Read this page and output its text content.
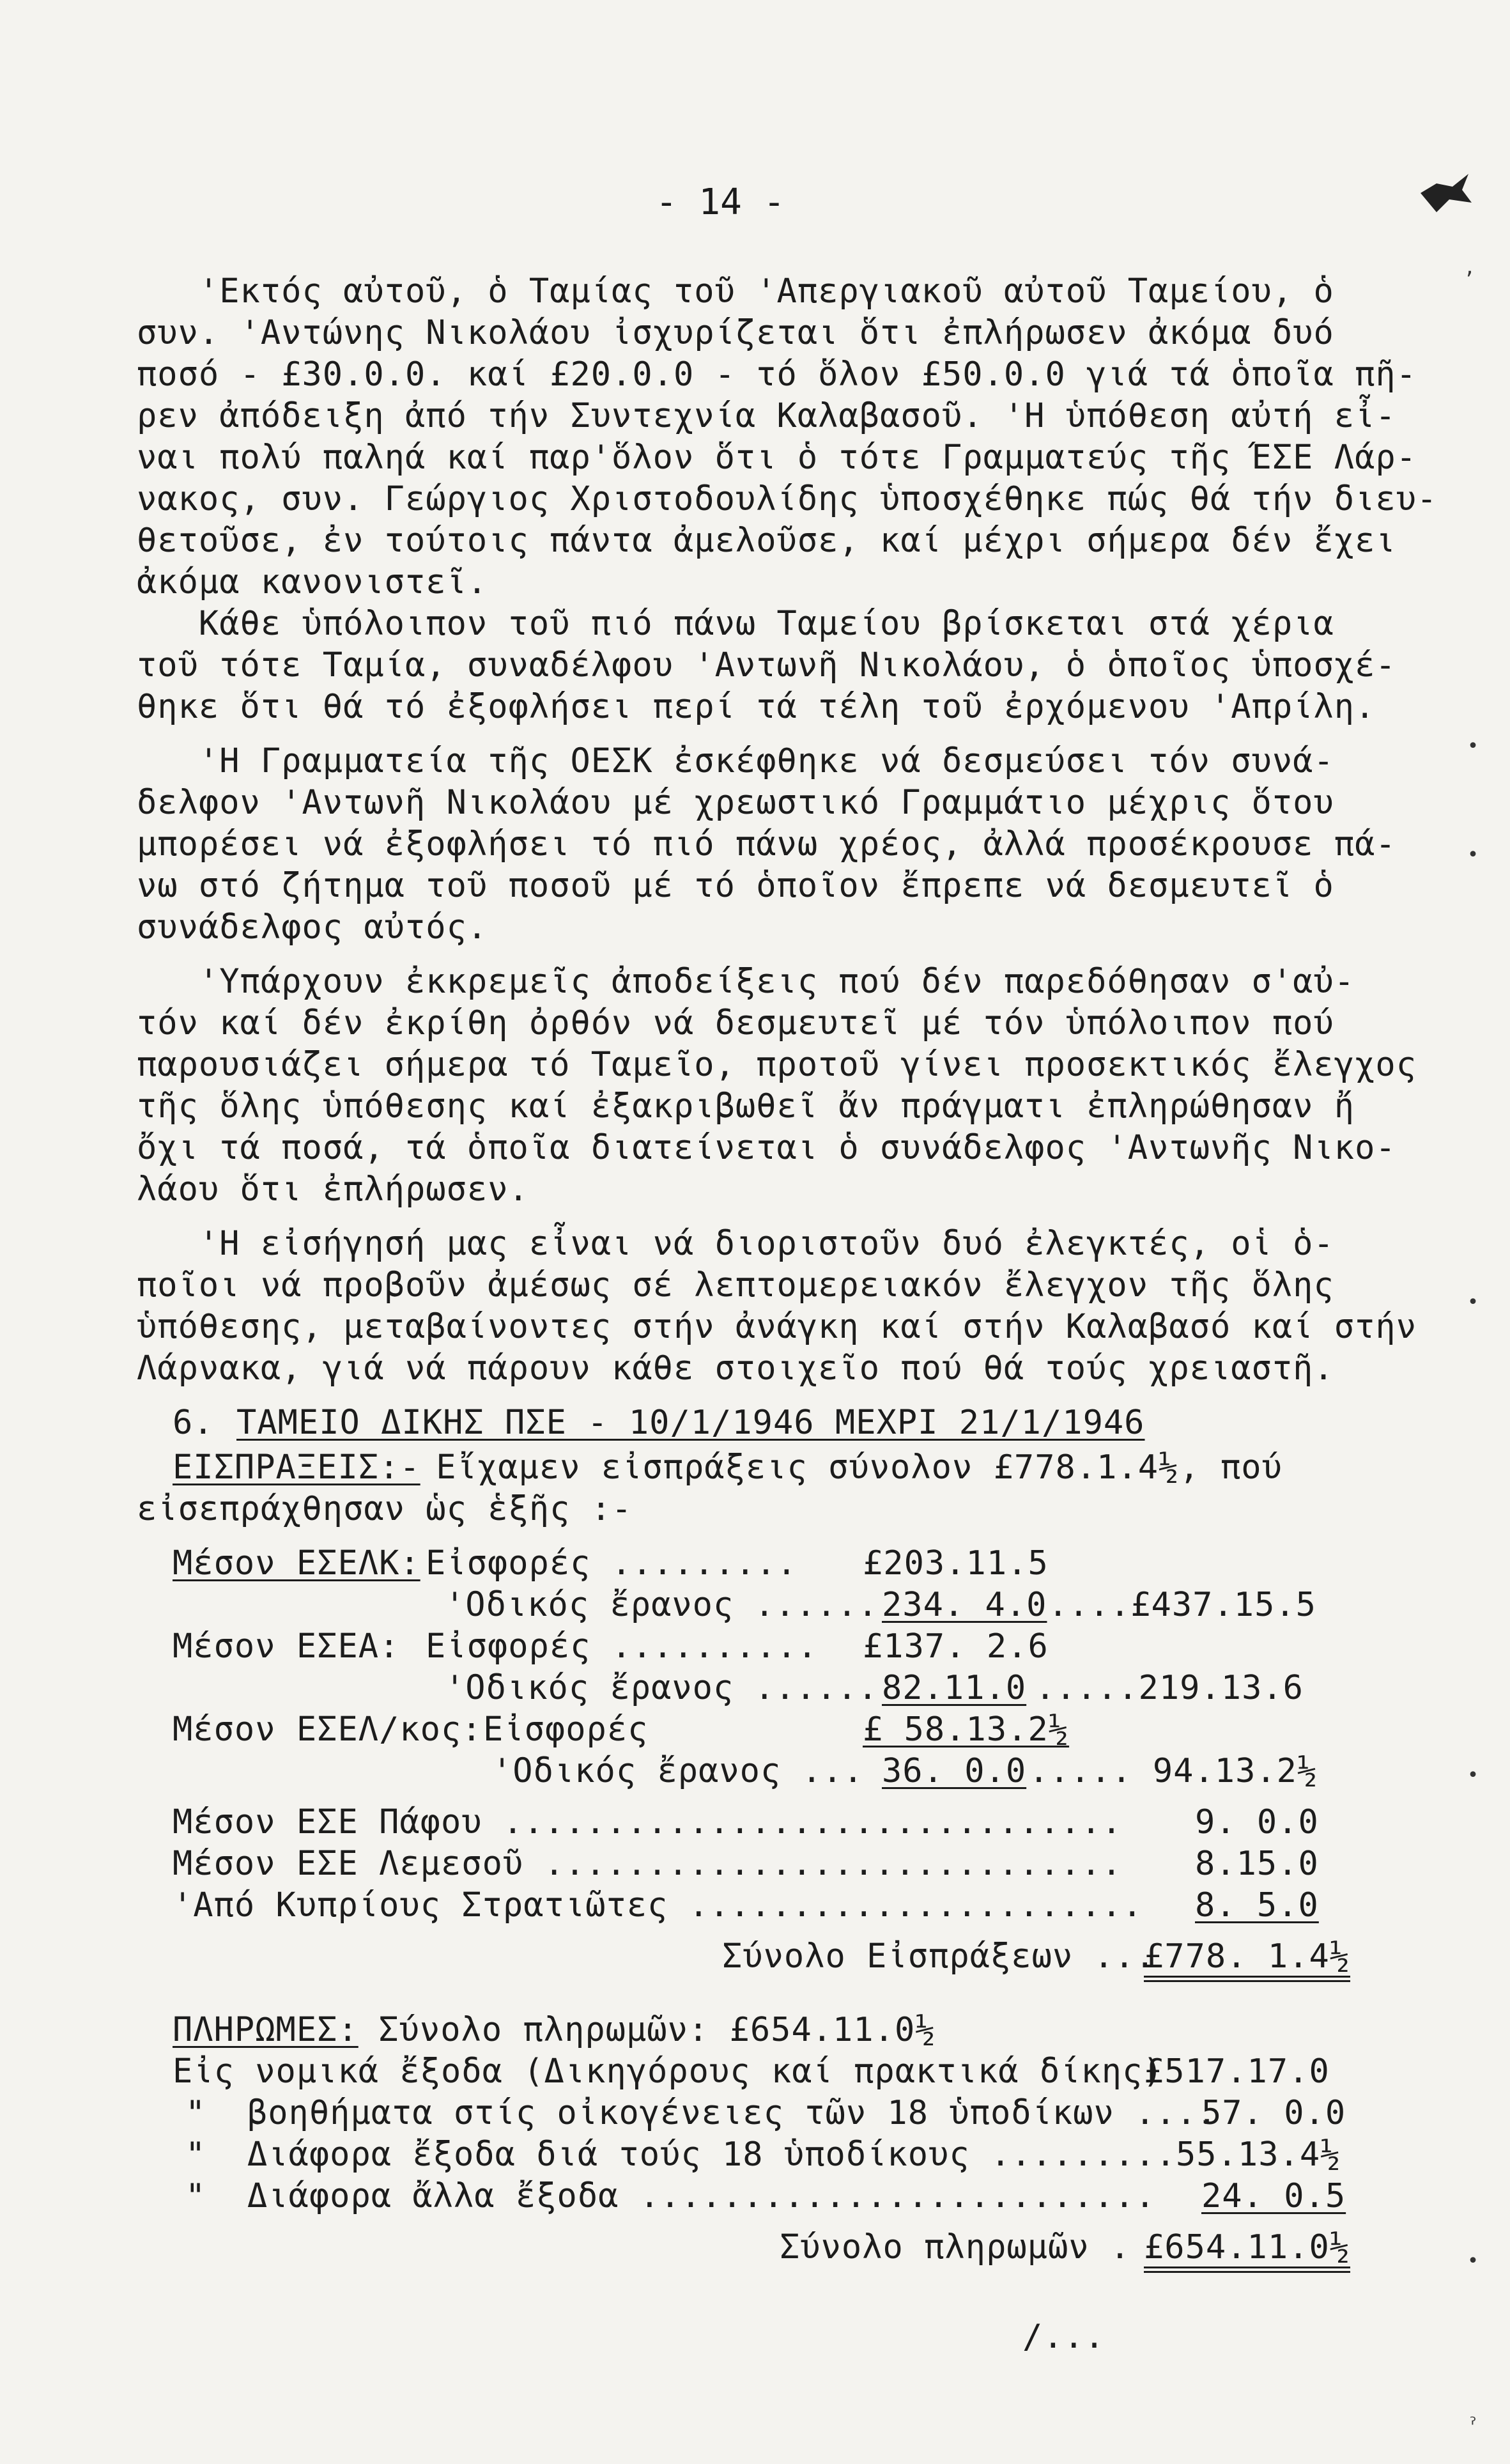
- 14 -
'Εκτός αὐτοῦ, ὁ Ταμίας τοῦ 'Απεργιακοῦ αὐτοῦ Ταμείου, ὁ
συν. 'Αντώνης Νικολάου ἰσχυρίζεται ὅτι ἐπλήρωσεν ἀκόμα δυό
ποσό - £30.0.0. καί £20.0.0 - τό ὅλον £50.0.0 γιά τά ὁποῖα πῆ-
ρεν ἀπόδειξη ἀπό τήν Συντεχνία Καλαβασοῦ. 'Η ὑπόθεση αὐτή εἶ-
ναι πολύ παληά καί παρ'ὅλον ὅτι ὁ τότε Γραμματεύς τῆς ΈΣΕ Λάρ-
νακος, συν. Γεώργιος Χριστοδουλίδης ὑποσχέθηκε πώς θά τήν διευ-
θετοῦσε, ἐν τούτοις πάντα ἀμελοῦσε, καί μέχρι σήμερα δέν ἔχει
ἀκόμα κανονιστεῖ.
Κάθε ὑπόλοιπον τοῦ πιό πάνω Ταμείου βρίσκεται στά χέρια
τοῦ τότε Ταμία, συναδέλφου 'Αντωνῆ Νικολάου, ὁ ὁποῖος ὑποσχέ-
θηκε ὅτι θά τό ἐξοφλήσει περί τά τέλη τοῦ ἐρχόμενου 'Απρίλη.
'Η Γραμματεία τῆς ΟΕΣΚ ἐσκέφθηκε νά δεσμεύσει τόν συνά-
δελφον 'Αντωνῆ Νικολάου μέ χρεωστικό Γραμμάτιο μέχρις ὅτου
μπορέσει νά ἐξοφλήσει τό πιό πάνω χρέος, ἀλλά προσέκρουσε πά-
νω στό ζήτημα τοῦ ποσοῦ μέ τό ὁποῖον ἔπρεπε νά δεσμευτεῖ ὁ
συνάδελφος αὐτός.
'Υπάρχουν ἐκκρεμεῖς ἀποδείξεις πού δέν παρεδόθησαν σ'αὐ-
τόν καί δέν ἐκρίθη ὀρθόν νά δεσμευτεῖ μέ τόν ὑπόλοιπον πού
παρουσιάζει σήμερα τό Ταμεῖο, προτοῦ γίνει προσεκτικός ἔλεγχος
τῆς ὅλης ὑπόθεσης καί ἐξακριβωθεῖ ἄν πράγματι ἐπληρώθησαν ἤ
ὄχι τά ποσά, τά ὁποῖα διατείνεται ὁ συνάδελφος 'Αντωνῆς Νικο-
λάου ὅτι ἐπλήρωσεν.
'Η εἰσήγησή μας εἶναι νά διοριστοῦν δυό ἐλεγκτές, οἱ ὁ-
ποῖοι νά προβοῦν ἀμέσως σέ λεπτομερειακόν ἔλεγχον τῆς ὅλης
ὑπόθεσης, μεταβαίνοντες στήν ἀνάγκη καί στήν Καλαβασό καί στήν
Λάρνακα, γιά νά πάρουν κάθε στοιχεῖο πού θά τούς χρειαστῆ.
6. ΤΑΜΕΙΟ ΔΙΚΗΣ ΠΣΕ - 10/1/1946 ΜΕΧΡΙ 21/1/1946
ΕΙΣΠΡΑΞΕΙΣ:-
Εἴχαμεν εἰσπράξεις σύνολον £778.1.4½, πού
εἰσεπράχθησαν ὡς ἑξῆς :-
Μέσον ΕΣΕΛΚ: Εἰσφορές ......... £203.11.5
'Οδικός ἔρανος ...... 234. 4.0 ....£437.15.5
Μέσον ΕΣΕΑ: Εἰσφορές .......... £137. 2.6
'Οδικός ἔρανος ...... 82.11.0 .....219.13.6
Μέσον ΕΣΕΛ/κος: Εἰσφορές	£ 58.13.2½
'Οδικός ἔρανος ... 36. 0.0 ..... 94.13.2½
Μέσον ΕΣΕ Πάφου .............................. 9. 0.0
Μέσον ΕΣΕ Λεμεσοῦ ............................ 8.15.0
'Από Κυπρίους Στρατιῶτες ...................... 8. 5.0
Σύνολο Εἰσπράξεων ...
£778. 1.4½
ΠΛΗΡΩΜΕΣ: Σύνολο πληρωμῶν: £654.11.0½
Εἰς νομικά ἔξοδα (Δικηγόρους καί πρακτικά δίκης)
£517.17.0
"  βοηθήματα στίς οἰκογένειες τῶν 18 ὑποδίκων ....
57. 0.0
"  Διάφορα ἔξοδα διά τούς 18 ὑποδίκους ......... 55.13.4½
"  Διάφορα ἄλλα ἔξοδα ......................... 24. 0.5
Σύνολο πληρωμῶν . £654.11.0½
/...
ʼ
•
•
•
•
•
ˀ
